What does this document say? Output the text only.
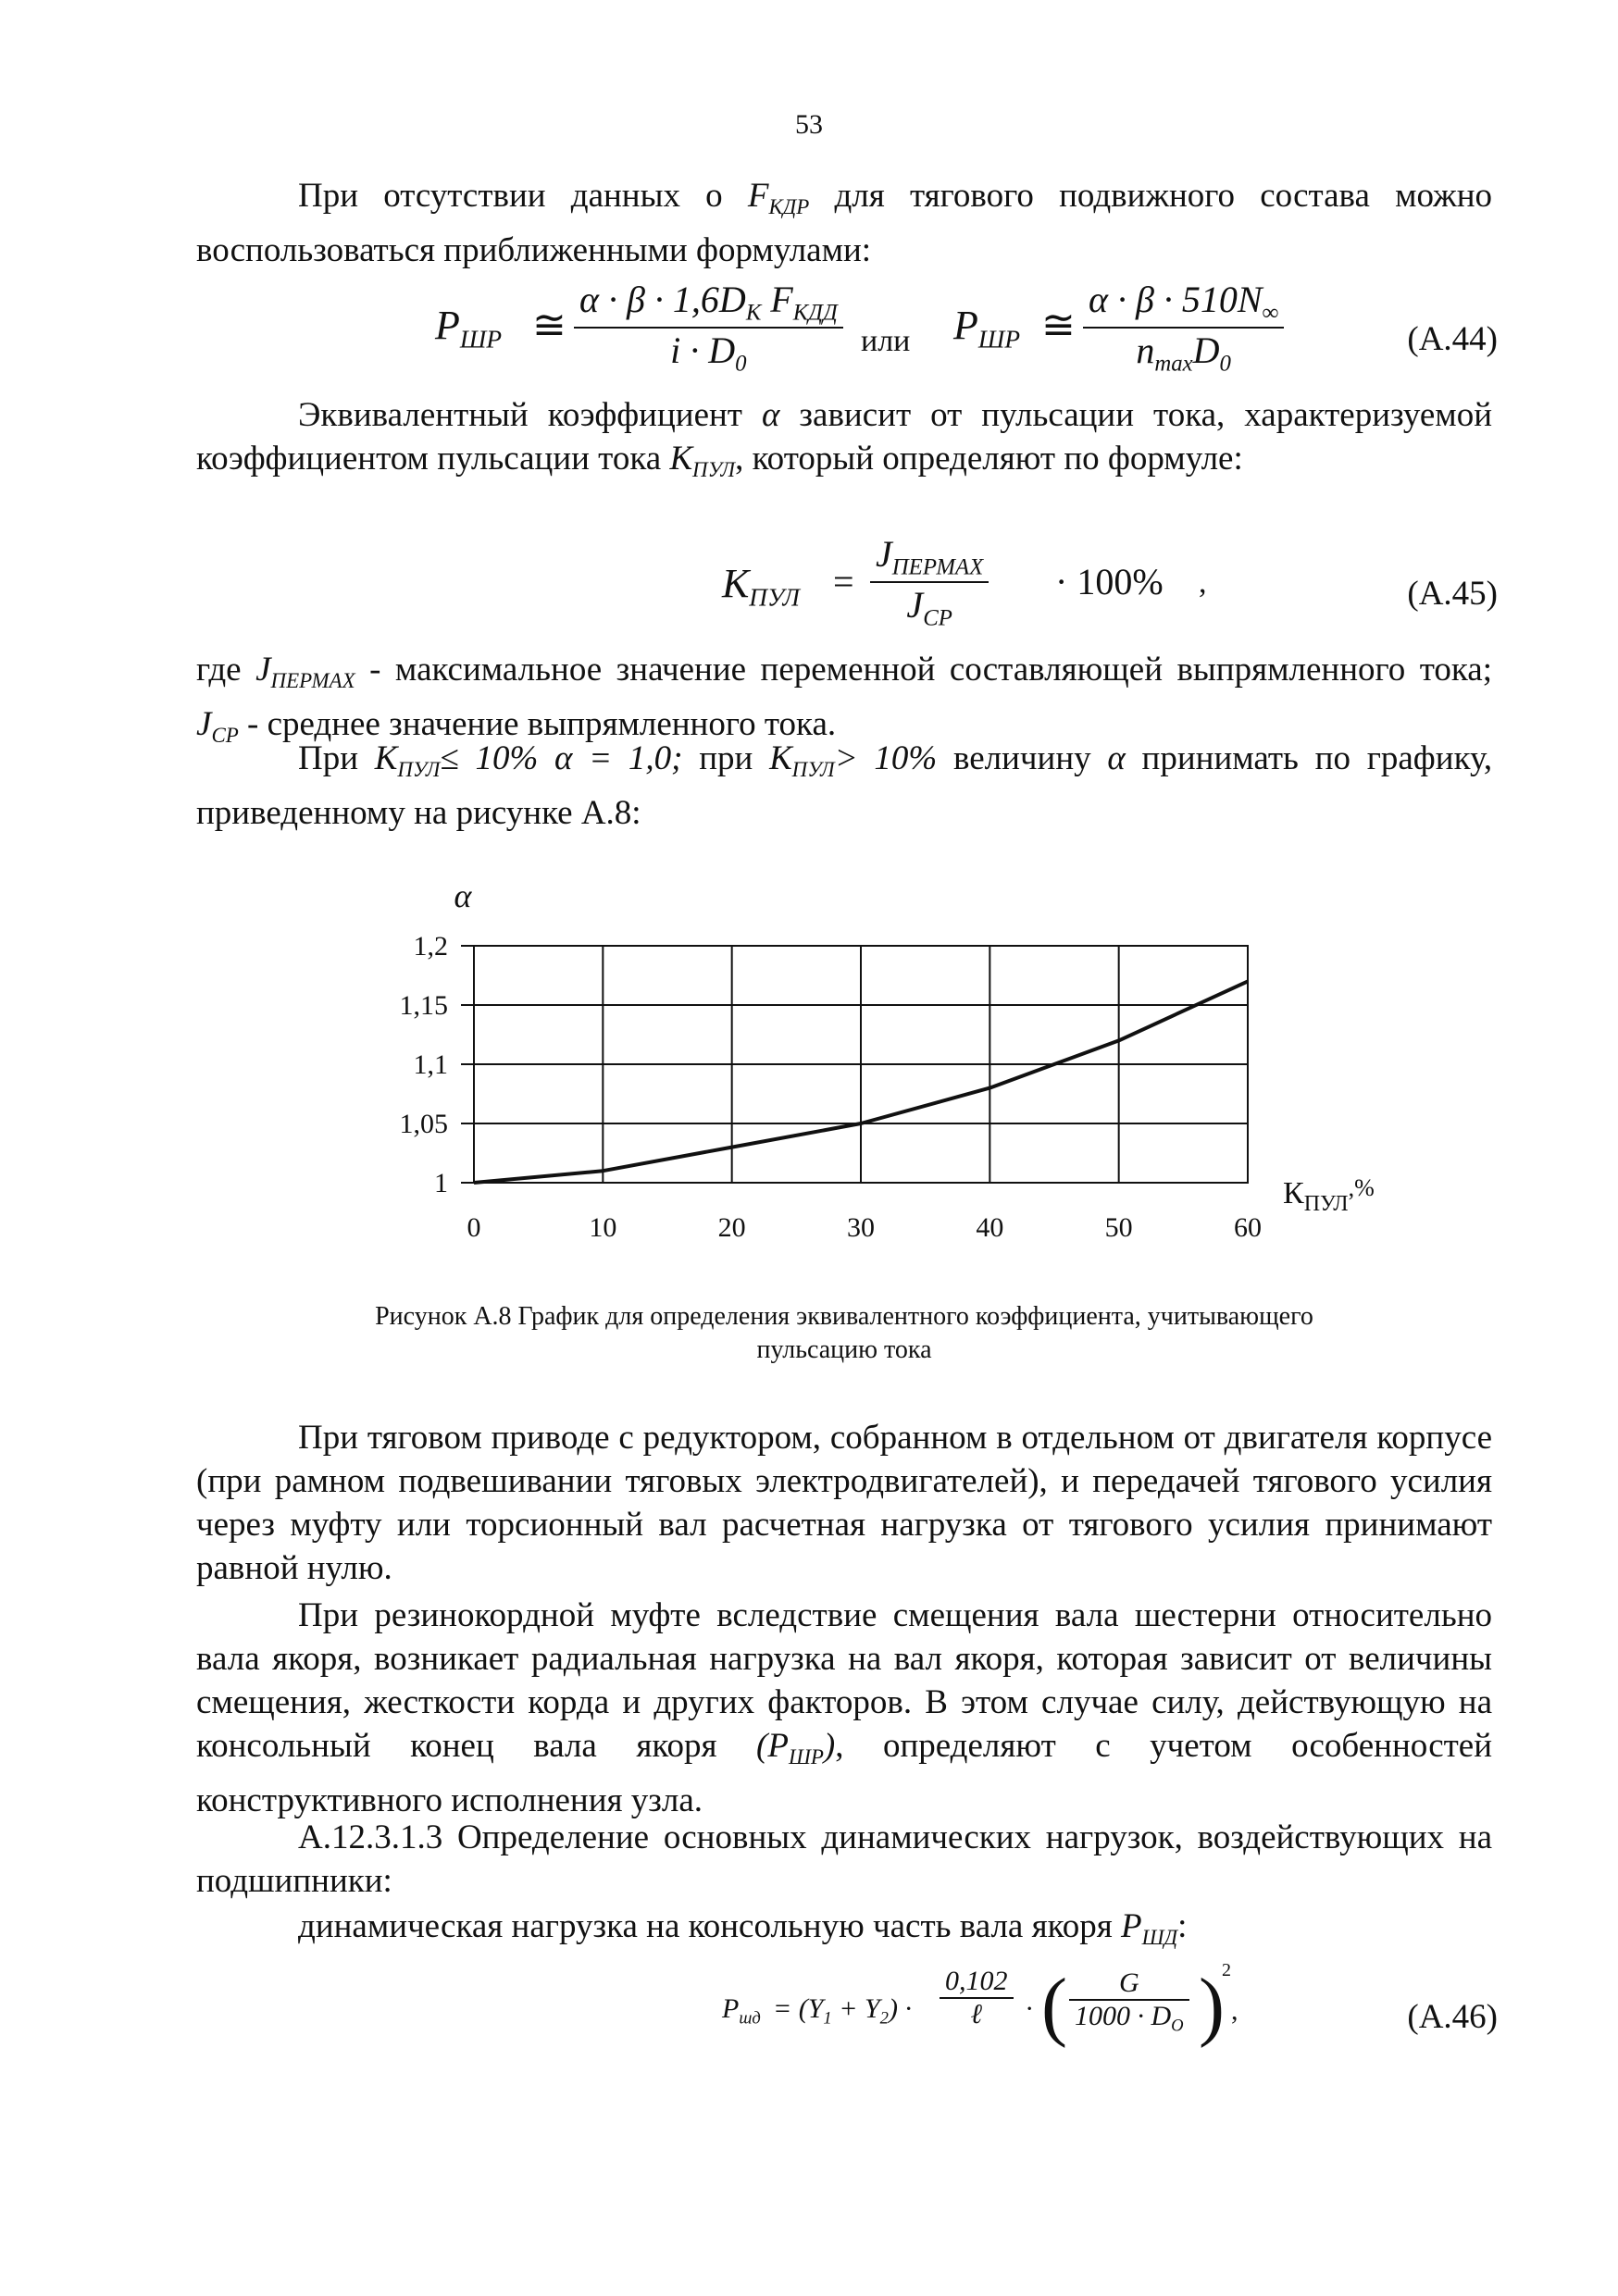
53
При отсутствии данных о $F_{КДР}$ для тягового подвижного состава можно воспользоваться приближенными формулами:
$P_{ШР}$ ≅
$\alpha \cdot \beta \cdot 1,6D_К$ $F_{КДД}$
$i \cdot D_0$
или $P_{ШР}$ ≅
$\alpha \cdot \beta \cdot 510N_\infty$
$n_{max}D_0$
(А.44)
Эквивалентный коэффициент α зависит от пульсации тока, характеризуемой коэффициентом пульсации тока $К_{ПУЛ}$, который определяют по формуле:
$К_{ПУЛ}$ =
$J_{ПЕРМАХ}$
$J_{СР}$
· 100% ,	(А.45)
где $J_{ПЕРМАХ}$ - максимальное значение переменной составляющей выпрямленного тока; $J_{СР}$ - среднее значение выпрямленного тока.
При $К_{ПУЛ}\le 10\%$ α = 1,0; при $К_{ПУЛ}> 10\%$ величину α принимать по графику, приведенному на рисунке А.8:
0	10	20	30	40	50	60
1
1,05
1,1
1,15
1,2
α
$К_{ПУЛ}^{,\%}$
Рисунок А.8 График для определения эквивалентного коэффициента, учитывающего
пульсацию тока
При тяговом приводе с редуктором, собранном в отдельном от двигателя корпусе (при рамном подвешивании тяговых электродвигателей), и передачей тягового усилия через муфту или торсионный вал расчетная нагрузка от тягового усилия принимают равной нулю.
При резинокордной муфте вследствие смещения вала шестерни относительно вала якоря, возникает радиальная нагрузка на вал якоря, которая зависит от величины смещения, жесткости корда и других факторов. В этом случае силу, действующую на консольный конец вала якоря $(P_{ШР})$, определяют с учетом особенностей конструктивного исполнения узла.
А.12.3.1.3 Определение основных динамических нагрузок, воздействующих на подшипники:
динамическая нагрузка на консольную часть вала якоря $P_{ШД}$:
$P_{шд} = (Y_1 + Y_2)$ ·
0,102
ℓ	· (	G
$1000 \cdot D_О$ )
2
,	(А.46)
